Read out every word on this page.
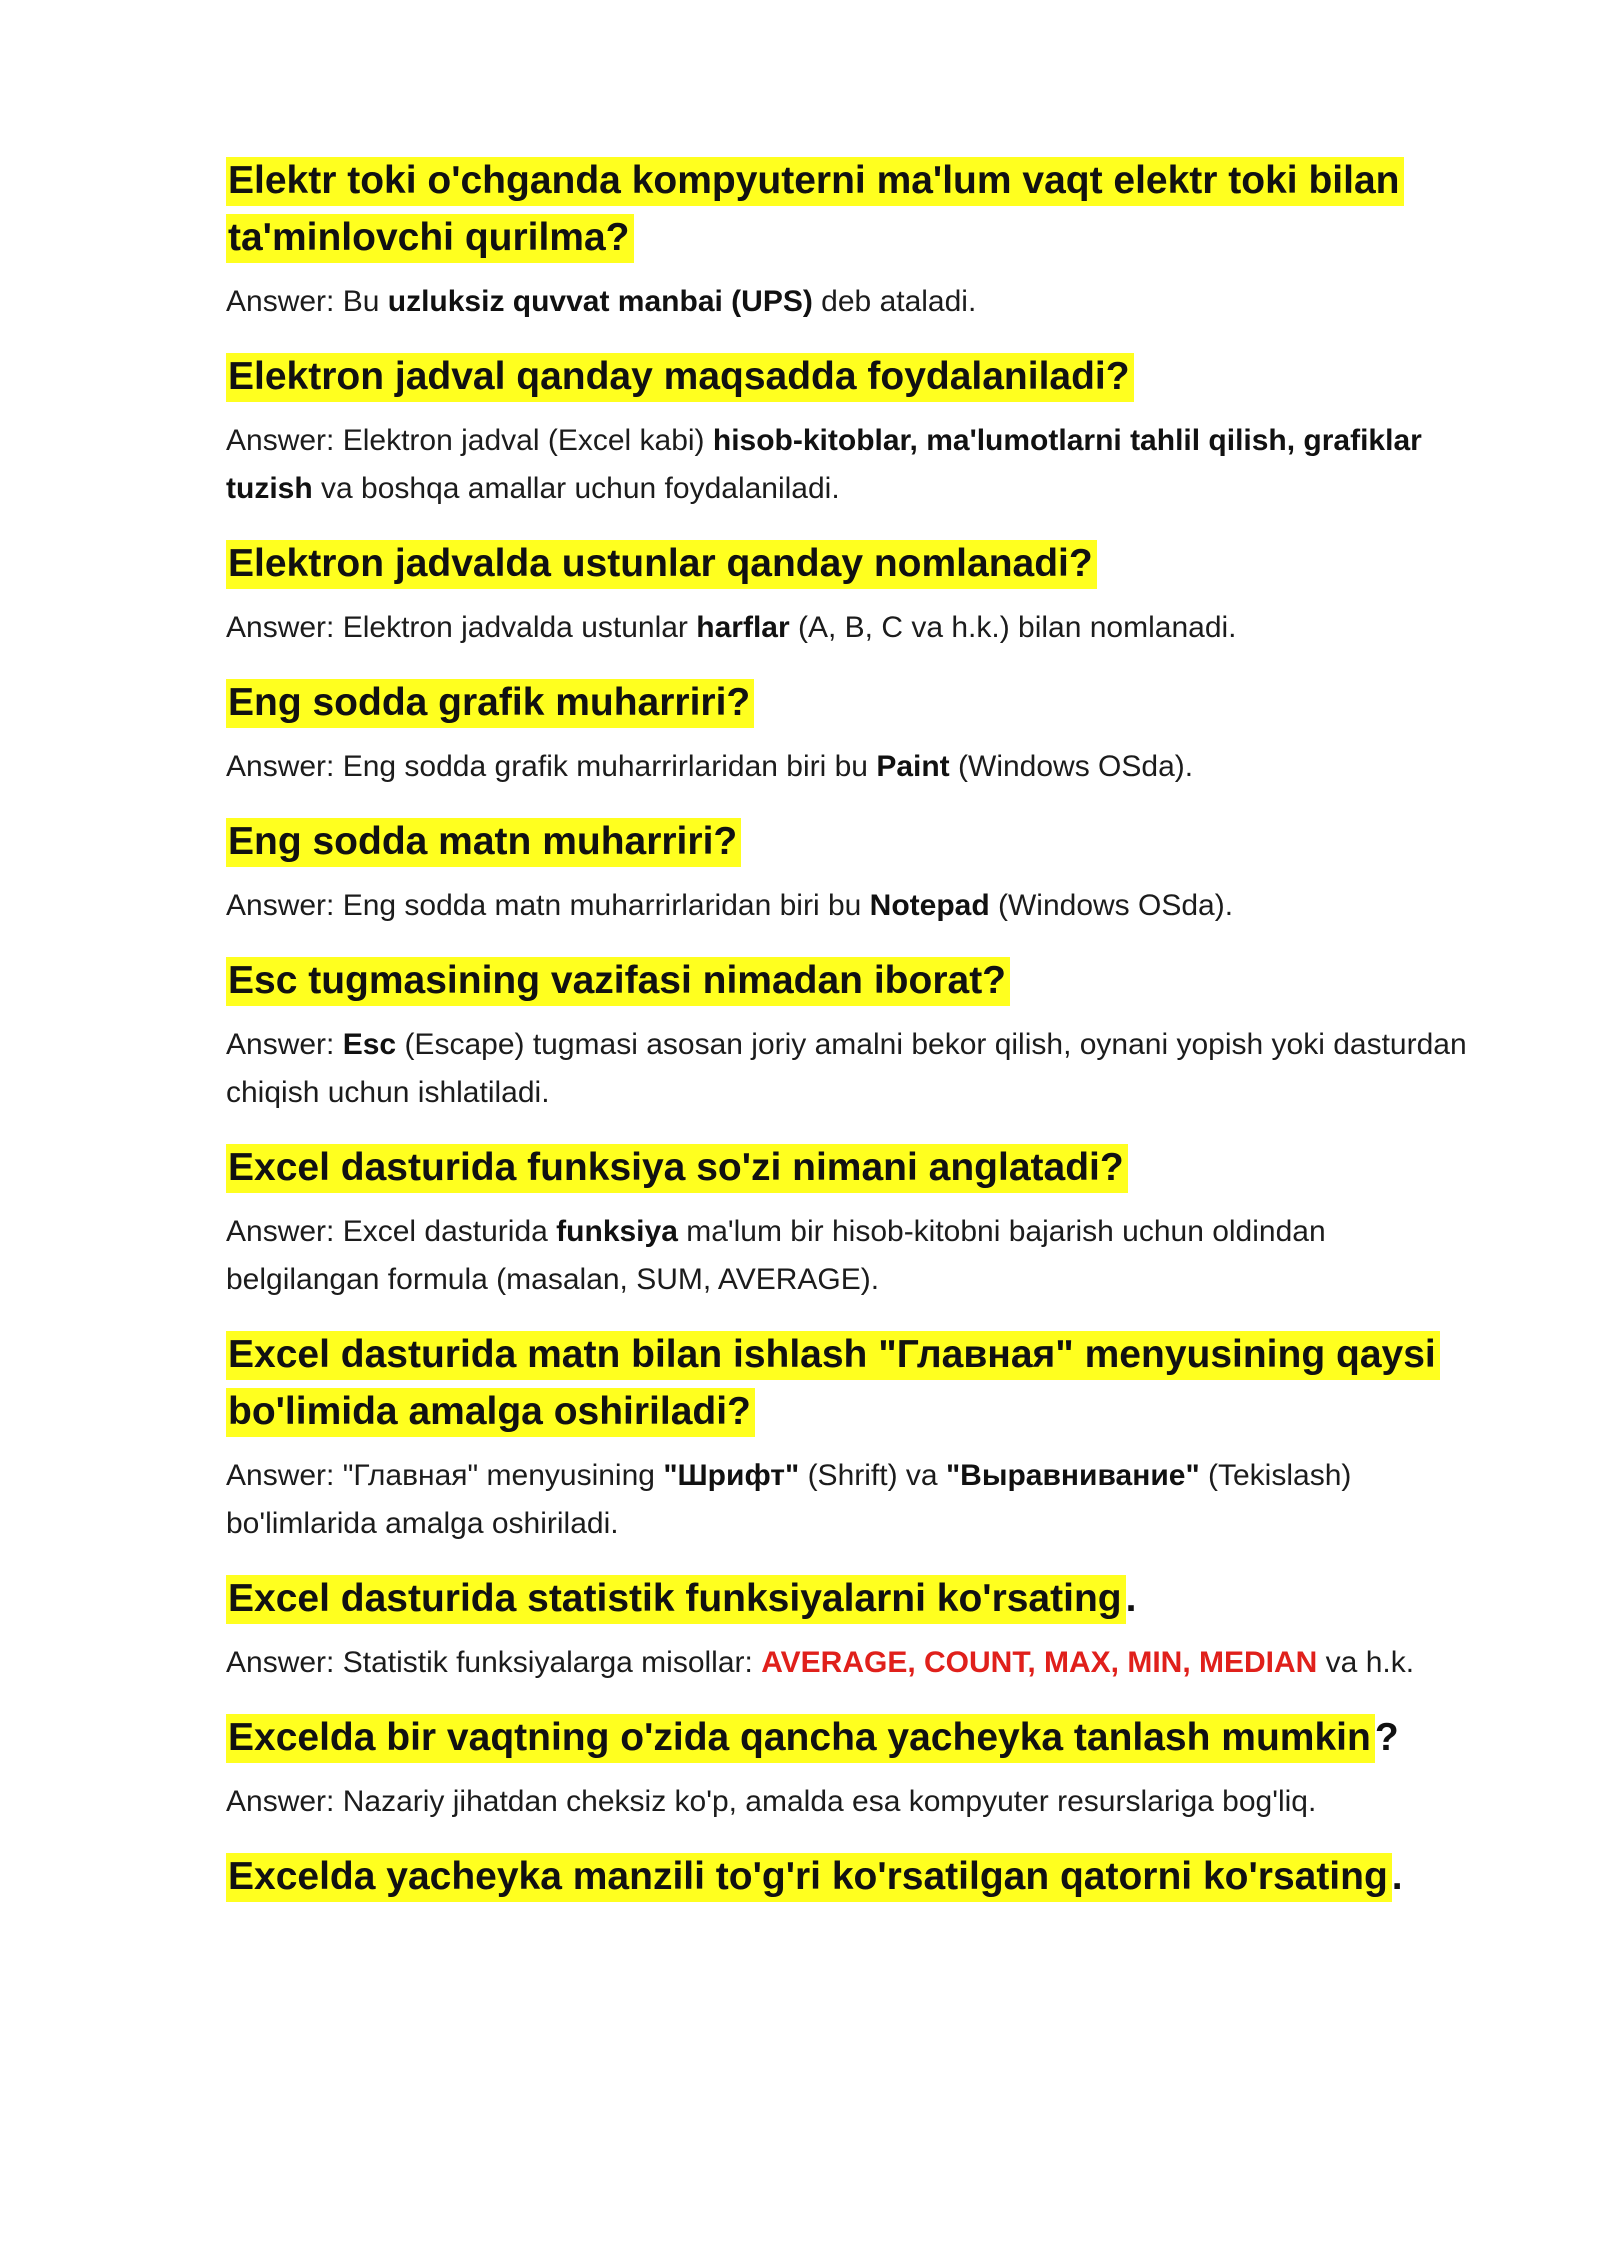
Elektr toki o'chganda kompyuterni ma'lum vaqt elektr toki bilan ta'minlovchi qurilma?

Answer: Bu uzluksiz quvvat manbai (UPS) deb ataladi.

Elektron jadval qanday maqsadda foydalaniladi?

Answer: Elektron jadval (Excel kabi) hisob-kitoblar, ma'lumotlarni tahlil qilish, grafiklar tuzish va boshqa amallar uchun foydalaniladi.

Elektron jadvalda ustunlar qanday nomlanadi?

Answer: Elektron jadvalda ustunlar harflar (A, B, C va h.k.) bilan nomlanadi.

Eng sodda grafik muharriri?

Answer: Eng sodda grafik muharrirlaridan biri bu Paint (Windows OSda).

Eng sodda matn muharriri?

Answer: Eng sodda matn muharrirlaridan biri bu Notepad (Windows OSda).

Esc tugmasining vazifasi nimadan iborat?

Answer: Esc (Escape) tugmasi asosan joriy amalni bekor qilish, oynani yopish yoki dasturdan chiqish uchun ishlatiladi.

Excel dasturida funksiya so'zi nimani anglatadi?

Answer: Excel dasturida funksiya ma'lum bir hisob-kitobni bajarish uchun oldindan belgilangan formula (masalan, SUM, AVERAGE).

Excel dasturida matn bilan ishlash "Главная" menyusining qaysi bo'limida amalga oshiriladi?

Answer: "Главная" menyusining "Шрифт" (Shrift) va "Выравнивание" (Tekislash) bo'limlarida amalga oshiriladi.

Excel dasturida statistik funksiyalarni ko'rsating .

Answer: Statistik funksiyalarga misollar: AVERAGE, COUNT, MAX, MIN, MEDIAN va h.k.

Excelda bir vaqtning o'zida qancha yacheyka tanlash mumkin ?

Answer: Nazariy jihatdan cheksiz ko'p, amalda esa kompyuter resurslariga bog'liq.

Excelda yacheyka manzili to'g'ri ko'rsatilgan qatorni ko'rsating .
